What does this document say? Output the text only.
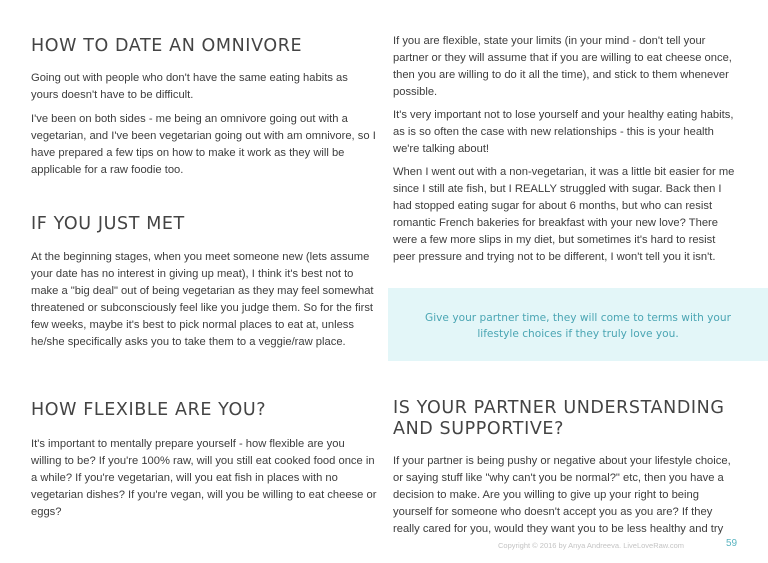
HOW TO DATE AN OMNIVORE

Going out with people who don't have the same eating habits as yours doesn't have to be difficult.

I've been on both sides - me being an omnivore going out with a vegetarian, and I've been vegetarian going out with am omnivore, so I have prepared a few tips on how to make it work as they will be applicable for a raw foodie too.

IF YOU JUST MET

At the beginning stages, when you meet someone new (lets assume your date has no interest in giving up meat), I think it's best not to make a "big deal" out of being vegetarian as they may feel somewhat threatened or subconsciously feel like you judge them. So for the first few weeks, maybe it's best to pick normal places to eat at, unless he/she specifically asks you to take them to a veggie/raw place.

HOW FLEXIBLE ARE YOU?

It's important to mentally prepare yourself - how flexible are you willing to be? If you're 100% raw, will you still eat cooked food once in a while? If you're vegetarian, will you eat fish in places with no vegetarian dishes? If you're vegan, will you be willing to eat cheese or eggs?

If you are flexible, state your limits (in your mind - don't tell your partner or they will assume that if you are willing to eat cheese once, then you are willing to do it all the time), and stick to them whenever possible.

It's very important not to lose yourself and your healthy eating habits, as is so often the case with new relationships - this is your health we're talking about!

When I went out with a non-vegetarian, it was a little bit easier for me since I still ate fish, but I REALLY struggled with sugar. Back then I had stopped eating sugar for about 6 months, but who can resist romantic French bakeries for breakfast with your new love? There were a few more slips in my diet, but sometimes it's hard to resist peer pressure and trying not to be different, I won't tell you it isn't.

IS YOUR PARTNER UNDERSTANDING AND SUPPORTIVE?

If your partner is being pushy or negative about your lifestyle choice, or saying stuff like "why can't you be normal?" etc, then you have a decision to make. Are you willing to give up your right to being yourself for someone who doesn't accept you as you are? If they really cared for you, would they want you to be less healthy and try

Give your partner time, they will come to terms with your lifestyle choices if they truly love you.
Copyright © 2016 by Anya Andreeva. LiveLoveRaw.com	59
